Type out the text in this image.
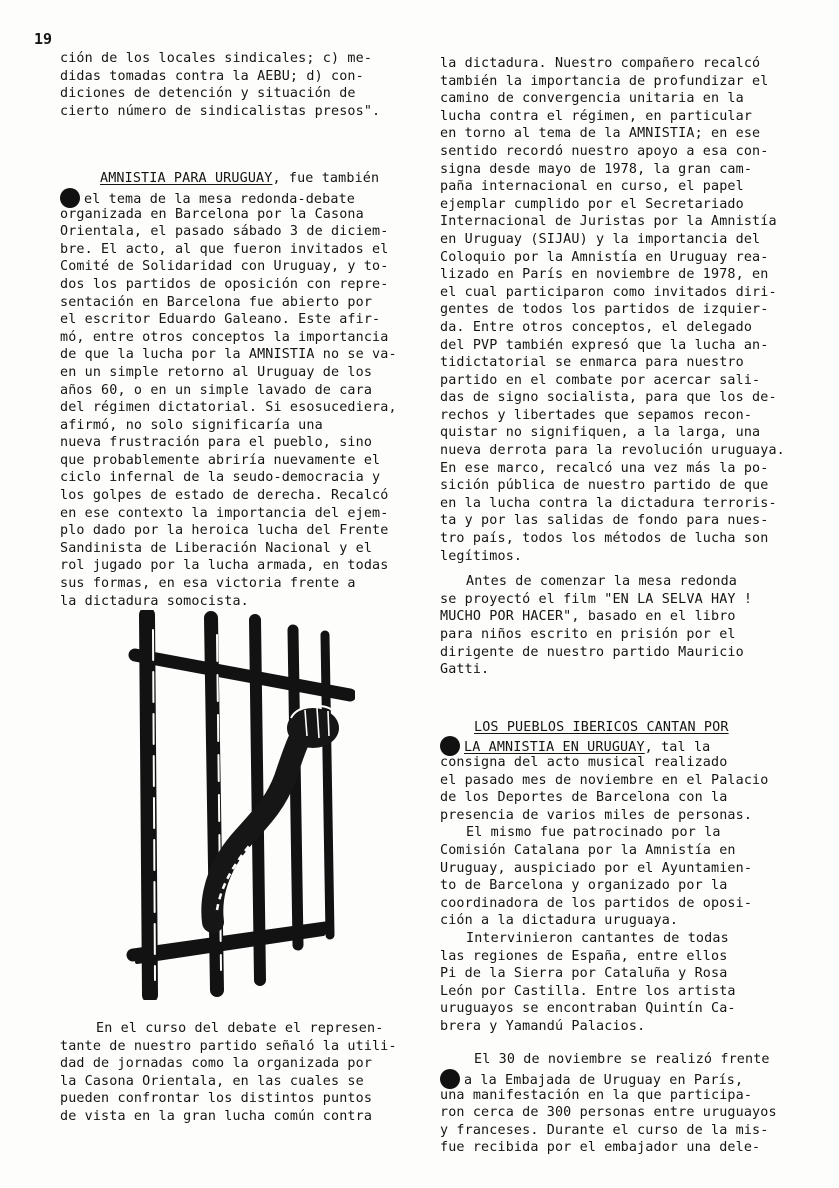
19
ción de los locales sindicales; c) me-
didas tomadas contra la AEBU; d) con-
diciones de detención y situación de
cierto número de sindicalistas presos".
AMNISTIA PARA URUGUAY, fue también
el tema de la mesa redonda-debate
organizada en Barcelona por la Casona
Orientala, el pasado sábado 3 de diciem-
bre. El acto, al que fueron invitados el
Comité de Solidaridad con Uruguay, y to-
dos los partidos de oposición con repre-
sentación en Barcelona fue abierto por
el escritor Eduardo Galeano. Este afir-
mó, entre otros conceptos la importancia
de que la lucha por la AMNISTIA no se va-
en un simple retorno al Uruguay de los
años 60, o en un simple lavado de cara
del régimen dictatorial. Si esosucediera,
afirmó, no solo significaría una
nueva frustración para el pueblo, sino
que probablemente abriría nuevamente el
ciclo infernal de la seudo-democracia y
los golpes de estado de derecha. Recalcó
en ese contexto la importancia del ejem-
plo dado por la heroica lucha del Frente
Sandinista de Liberación Nacional y el
rol jugado por la lucha armada, en todas
sus formas, en esa victoria frente a
la dictadura somocista.
En el curso del debate el represen-
tante de nuestro partido señaló la utili-
dad de jornadas como la organizada por
la Casona Orientala, en las cuales se
pueden confrontar los distintos puntos
de vista en la gran lucha común contra
la dictadura. Nuestro compañero recalcó
también la importancia de profundizar el
camino de convergencia unitaria en la
lucha contra el régimen, en particular
en torno al tema de la AMNISTIA; en ese
sentido recordó nuestro apoyo a esa con-
signa desde mayo de 1978, la gran cam-
paña internacional en curso, el papel
ejemplar cumplido por el Secretariado
Internacional de Juristas por la Amnistía
en Uruguay (SIJAU) y la importancia del
Coloquio por la Amnistía en Uruguay rea-
lizado en París en noviembre de 1978, en
el cual participaron como invitados diri-
gentes de todos los partidos de izquier-
da. Entre otros conceptos, el delegado
del PVP también expresó que la lucha an-
tidictatorial se enmarca para nuestro
partido en el combate por acercar sali-
das de signo socialista, para que los de-
rechos y libertades que sepamos recon-
quistar no signifiquen, a la larga, una
nueva derrota para la revolución uruguaya.
En ese marco, recalcó una vez más la po-
sición pública de nuestro partido de que
en la lucha contra la dictadura terroris-
ta y por las salidas de fondo para nues-
tro país, todos los métodos de lucha son
legítimos.
Antes de comenzar la mesa redonda
se proyectó el film "EN LA SELVA HAY !
MUCHO POR HACER", basado en el libro
para niños escrito en prisión por el
dirigente de nuestro partido Mauricio
Gatti.
LOS PUEBLOS IBERICOS CANTAN POR
LA AMNISTIA EN URUGUAY, tal la
consigna del acto musical realizado
el pasado mes de noviembre en el Palacio
de los Deportes de Barcelona con la
presencia de varios miles de personas.
El mismo fue patrocinado por la
Comisión Catalana por la Amnistía en
Uruguay, auspiciado por el Ayuntamien-
to de Barcelona y organizado por la
coordinadora de los partidos de oposi-
ción a la dictadura uruguaya.
Intervinieron cantantes de todas
las regiones de España, entre ellos
Pi de la Sierra por Cataluña y Rosa
León por Castilla. Entre los artista
uruguayos se encontraban Quintín Ca-
brera y Yamandú Palacios.
El 30 de noviembre se realizó frente
a la Embajada de Uruguay en París,
una manifestación en la que participa-
ron cerca de 300 personas entre uruguayos
y franceses. Durante el curso de la mis-
fue recibida por el embajador una dele-
